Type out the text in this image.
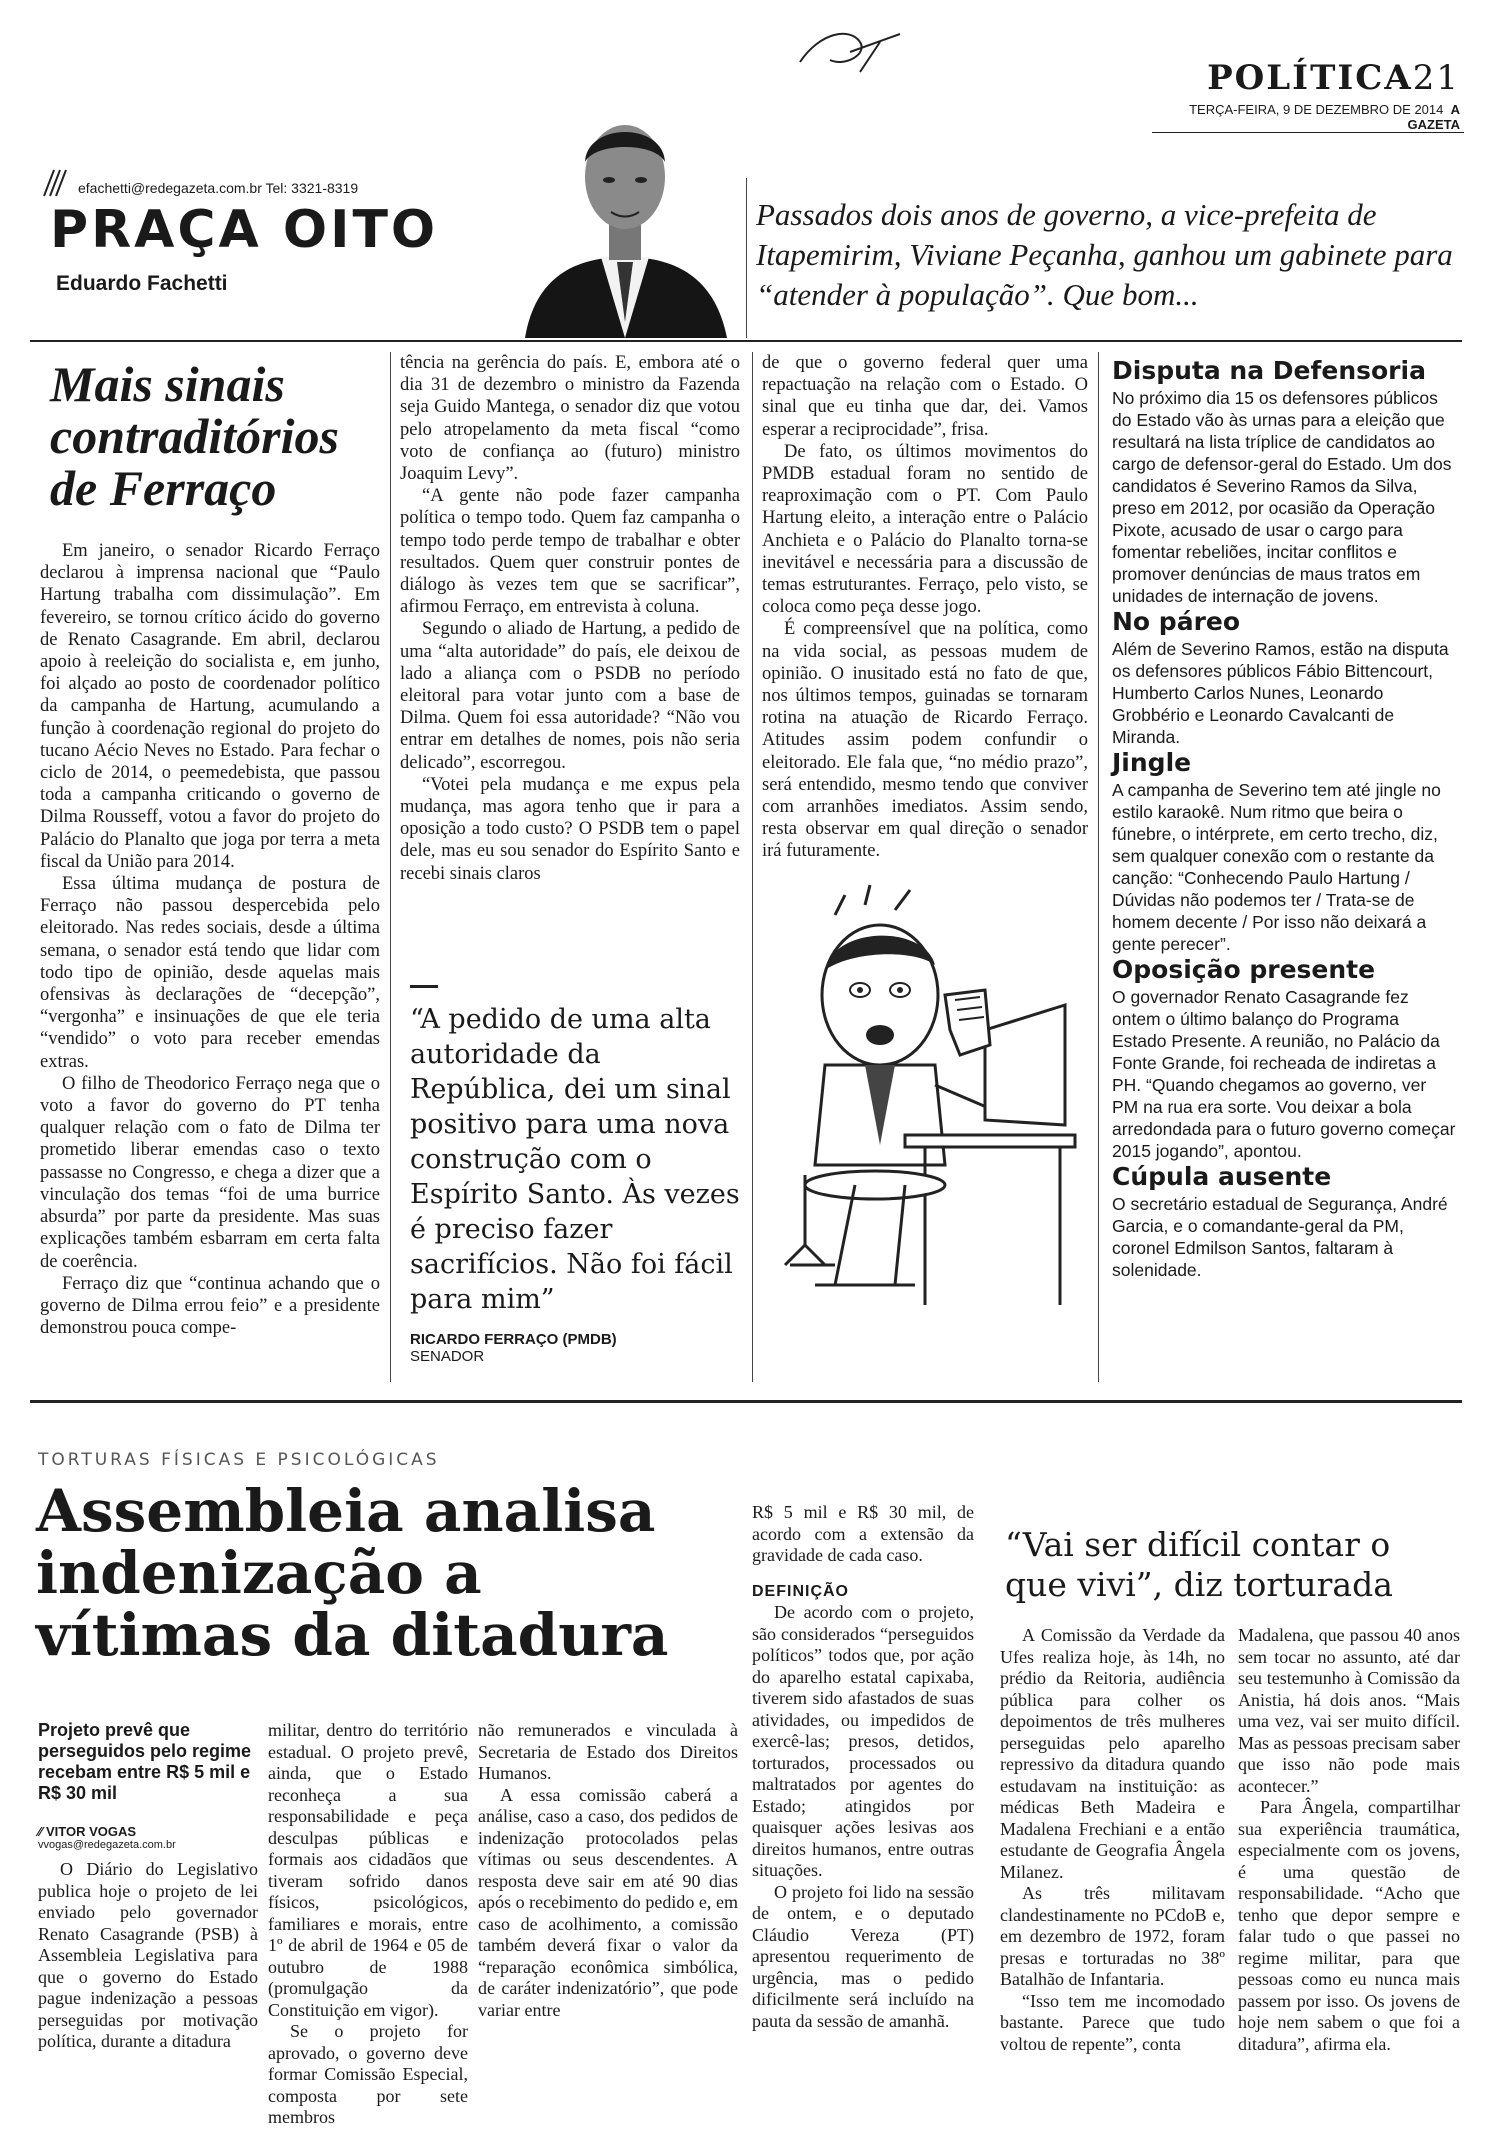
POLÍTICA21
TERÇA-FEIRA, 9 DE DEZEMBRO DE 2014 A GAZETA
efachetti@redegazeta.com.br Tel: 3321-8319
PRAÇA OITO
Eduardo Fachetti
Passados dois anos de governo, a vice-prefeita de Itapemirim, Viviane Peçanha, ganhou um gabinete para “atender à população”. Que bom...
Mais sinais contraditórios de Ferraço

Em janeiro, o senador Ricardo Ferraço declarou à imprensa nacional que “Paulo Hartung trabalha com dissimulação”. Em fevereiro, se tornou crítico ácido do governo de Renato Casagrande. Em abril, declarou apoio à reeleição do socialista e, em junho, foi alçado ao posto de coordenador político da campanha de Hartung, acumulando a função à coordenação regional do projeto do tucano Aécio Neves no Estado. Para fechar o ciclo de 2014, o peemedebista, que passou toda a campanha criticando o governo de Dilma Rousseff, votou a favor do projeto do Palácio do Planalto que joga por terra a meta fiscal da União para 2014.

Essa última mudança de postura de Ferraço não passou despercebida pelo eleitorado. Nas redes sociais, desde a última semana, o senador está tendo que lidar com todo tipo de opinião, desde aquelas mais ofensivas às declarações de “decepção”, “vergonha” e insinuações de que ele teria “vendido” o voto para receber emendas extras.

O filho de Theodorico Ferraço nega que o voto a favor do governo do PT tenha qualquer relação com o fato de Dilma ter prometido liberar emendas caso o texto passasse no Congresso, e chega a dizer que a vinculação dos temas “foi de uma burrice absurda” por parte da presidente. Mas suas explicações também esbarram em certa falta de coerência.

Ferraço diz que “continua achando que o governo de Dilma errou feio” e a presidente demonstrou pouca compe-

tência na gerência do país. E, embora até o dia 31 de dezembro o ministro da Fazenda seja Guido Mantega, o senador diz que votou pelo atropelamento da meta fiscal “como voto de confiança ao (futuro) ministro Joaquim Levy”.

“A gente não pode fazer campanha política o tempo todo. Quem faz campanha o tempo todo perde tempo de trabalhar e obter resultados. Quem quer construir pontes de diálogo às vezes tem que se sacrificar”, afirmou Ferraço, em entrevista à coluna.

Segundo o aliado de Hartung, a pedido de uma “alta autoridade” do país, ele deixou de lado a aliança com o PSDB no período eleitoral para votar junto com a base de Dilma. Quem foi essa autoridade? “Não vou entrar em detalhes de nomes, pois não seria delicado”, escorregou.

“Votei pela mudança e me expus pela mudança, mas agora tenho que ir para a oposição a todo custo? O PSDB tem o papel dele, mas eu sou senador do Espírito Santo e recebi sinais claros

“A pedido de uma alta autoridade da República, dei um sinal positivo para uma nova construção com o Espírito Santo. Às vezes é preciso fazer sacrifícios. Não foi fácil para mim”
RICARDO FERRAÇO (PMDB)
SENADOR

de que o governo federal quer uma repactuação na relação com o Estado. O sinal que eu tinha que dar, dei. Vamos esperar a reciprocidade”, frisa.

De fato, os últimos movimentos do PMDB estadual foram no sentido de reaproximação com o PT. Com Paulo Hartung eleito, a interação entre o Palácio Anchieta e o Palácio do Planalto torna-se inevitável e necessária para a discussão de temas estruturantes. Ferraço, pelo visto, se coloca como peça desse jogo.

É compreensível que na política, como na vida social, as pessoas mudem de opinião. O inusitado está no fato de que, nos últimos tempos, guinadas se tornaram rotina na atuação de Ricardo Ferraço. Atitudes assim podem confundir o eleitorado. Ele fala que, “no médio prazo”, será entendido, mesmo tendo que conviver com arranhões imediatos. Assim sendo, resta observar em qual direção o senador irá futuramente.

Disputa na Defensoria
No próximo dia 15 os defensores públicos do Estado vão às urnas para a eleição que resultará na lista tríplice de candidatos ao cargo de defensor-geral do Estado. Um dos candidatos é Severino Ramos da Silva, preso em 2012, por ocasião da Operação Pixote, acusado de usar o cargo para fomentar rebeliões, incitar conflitos e promover denúncias de maus tratos em unidades de internação de jovens.
No páreo
Além de Severino Ramos, estão na disputa os defensores públicos Fábio Bittencourt, Humberto Carlos Nunes, Leonardo Grobbério e Leonardo Cavalcanti de Miranda.
Jingle
A campanha de Severino tem até jingle no estilo karaokê. Num ritmo que beira o fúnebre, o intérprete, em certo trecho, diz, sem qualquer conexão com o restante da canção: “Conhecendo Paulo Hartung / Dúvidas não podemos ter / Trata-se de homem decente / Por isso não deixará a gente perecer”.
Oposição presente
O governador Renato Casagrande fez ontem o último balanço do Programa Estado Presente. A reunião, no Palácio da Fonte Grande, foi recheada de indiretas a PH. “Quando chegamos ao governo, ver PM na rua era sorte. Vou deixar a bola arredondada para o futuro governo começar 2015 jogando”, apontou.
Cúpula ausente
O secretário estadual de Segurança, André Garcia, e o comandante-geral da PM, coronel Edmilson Santos, faltaram à solenidade.
TORTURAS FÍSICAS E PSICOLÓGICAS
Assembleia analisa indenização a vítimas da ditadura
Projeto prevê que perseguidos pelo regime recebam entre R$ 5 mil e R$ 30 mil
⁄⁄ VITOR VOGAS
vvogas@redegazeta.com.br

O Diário do Legislativo publica hoje o projeto de lei enviado pelo governador Renato Casagrande (PSB) à Assembleia Legislativa para que o governo do Estado pague indenização a pessoas perseguidas por motivação política, durante a ditadura

militar, dentro do território estadual. O projeto prevê, ainda, que o Estado reconheça a sua responsabilidade e peça desculpas públicas e formais aos cidadãos que tiveram sofrido danos físicos, psicológicos, familiares e morais, entre 1º de abril de 1964 e 05 de outubro de 1988 (promulgação da Constituição em vigor).

Se o projeto for aprovado, o governo deve formar Comissão Especial, composta por sete membros

não remunerados e vinculada à Secretaria de Estado dos Direitos Humanos.

A essa comissão caberá a análise, caso a caso, dos pedidos de indenização protocolados pelas vítimas ou seus descendentes. A resposta deve sair em até 90 dias após o recebimento do pedido e, em caso de acolhimento, a comissão também deverá fixar o valor da “reparação econômica simbólica, de caráter indenizatório”, que pode variar entre

R$ 5 mil e R$ 30 mil, de acordo com a extensão da gravidade de cada caso.

DEFINIÇÃO

De acordo com o projeto, são considerados “perseguidos políticos” todos que, por ação do aparelho estatal capixaba, tiverem sido afastados de suas atividades, ou impedidos de exercê-las; presos, detidos, torturados, processados ou maltratados por agentes do Estado; atingidos por quaisquer ações lesivas aos direitos humanos, entre outras situações.

O projeto foi lido na sessão de ontem, e o deputado Cláudio Vereza (PT) apresentou requerimento de urgência, mas o pedido dificilmente será incluído na pauta da sessão de amanhã.

“Vai ser difícil contar o que vivi”, diz torturada

A Comissão da Verdade da Ufes realiza hoje, às 14h, no prédio da Reitoria, audiência pública para colher os depoimentos de três mulheres perseguidas pelo aparelho repressivo da ditadura quando estudavam na instituição: as médicas Beth Madeira e Madalena Frechiani e a então estudante de Geografia Ângela Milanez.

As três militavam clandestinamente no PCdoB e, em dezembro de 1972, foram presas e torturadas no 38º Batalhão de Infantaria.

“Isso tem me incomodado bastante. Parece que tudo voltou de repente”, conta

Madalena, que passou 40 anos sem tocar no assunto, até dar seu testemunho à Comissão da Anistia, há dois anos. “Mais uma vez, vai ser muito difícil. Mas as pessoas precisam saber que isso não pode mais acontecer.”

Para Ângela, compartilhar sua experiência traumática, especialmente com os jovens, é uma questão de responsabilidade. “Acho que tenho que depor sempre e falar tudo o que passei no regime militar, para que pessoas como eu nunca mais passem por isso. Os jovens de hoje nem sabem o que foi a ditadura”, afirma ela.
